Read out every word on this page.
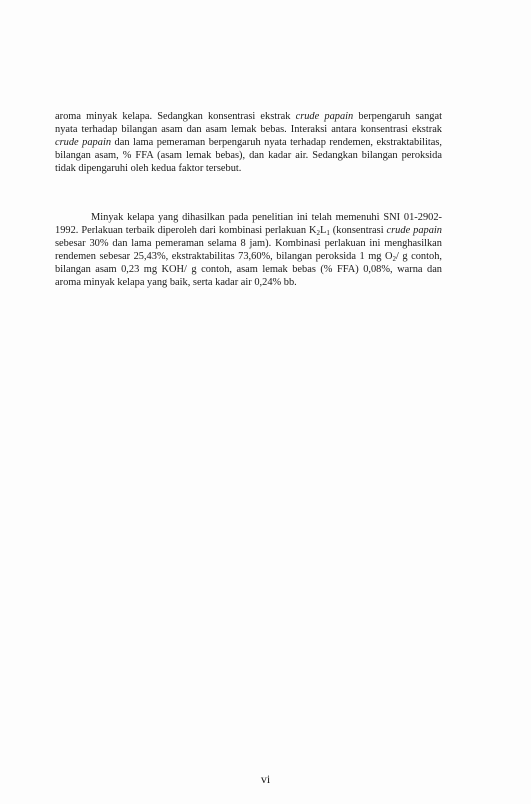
aroma minyak kelapa. Sedangkan konsentrasi ekstrak crude papain berpengaruh sangat nyata terhadap bilangan asam dan asam lemak bebas. Interaksi antara konsentrasi ekstrak crude papain dan lama pemeraman berpengaruh nyata terhadap rendemen, ekstraktabilitas, bilangan asam, % FFA (asam lemak bebas), dan kadar air. Sedangkan bilangan peroksida tidak dipengaruhi oleh kedua faktor tersebut.

Minyak kelapa yang dihasilkan pada penelitian ini telah memenuhi SNI 01-2902-1992. Perlakuan terbaik diperoleh dari kombinasi perlakuan $K_2L_1$ (konsentrasi crude papain sebesar 30% dan lama pemeraman selama 8 jam). Kombinasi perlakuan ini menghasilkan rendemen sebesar 25,43%, ekstraktabilitas 73,60%, bilangan peroksida 1 mg $O_2/$ g contoh, bilangan asam 0,23 mg KOH/ g contoh, asam lemak bebas (% FFA) 0,08%, warna dan aroma minyak kelapa yang baik, serta kadar air 0,24% bb.

vi
